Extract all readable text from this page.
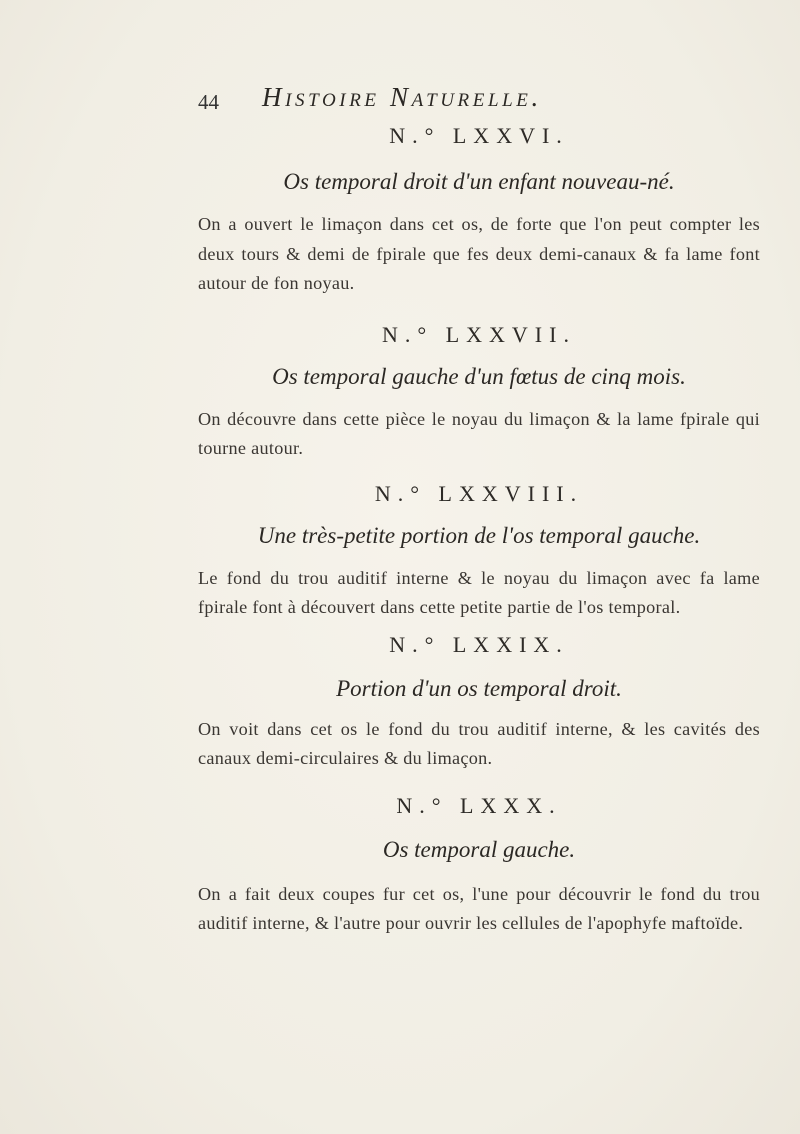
44 Histoire Naturelle.

N.° LXXVI.

Os temporal droit d'un enfant nouveau-né.

On a ouvert le limaçon dans cet os, de forte que l'on peut compter les deux tours & demi de fpirale que fes deux demi-canaux & fa lame font autour de fon noyau.

N.° LXXVII.

Os temporal gauche d'un fœtus de cinq mois.

On découvre dans cette pièce le noyau du limaçon & la lame fpirale qui tourne autour.

N.° LXXVIII.

Une très-petite portion de l'os temporal gauche.

Le fond du trou auditif interne & le noyau du limaçon avec fa lame fpirale font à découvert dans cette petite partie de l'os temporal.

N.° LXXIX.

Portion d'un os temporal droit.

On voit dans cet os le fond du trou auditif interne, & les cavités des canaux demi-circulaires & du limaçon.

N.° LXXX.

Os temporal gauche.

On a fait deux coupes fur cet os, l'une pour découvrir le fond du trou auditif interne, & l'autre pour ouvrir les cellules de l'apophyfe maftoïde.
